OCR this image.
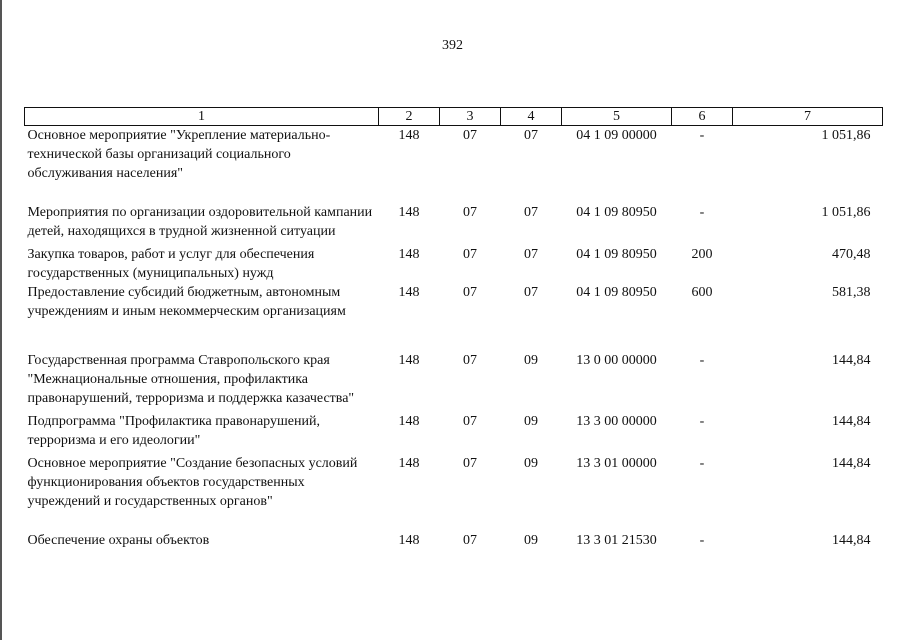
392
1	2	3	4	5	6	7
Основное мероприятие "Укрепление материально-технической базы организаций социального обслуживания населения"	148	07	07	04 1 09 00000	-	1 051,86
Мероприятия по организации оздоровительной кампании детей, находящихся в трудной жизненной ситуации	148	07	07	04 1 09 80950	-	1 051,86
Закупка товаров, работ и услуг для обеспечения государственных (муниципальных) нужд	148	07	07	04 1 09 80950	200	470,48
Предоставление субсидий бюджетным, автономным учреждениям и иным некоммерческим организациям	148	07	07	04 1 09 80950	600	581,38
Государственная программа Ставропольского края "Межнациональные отношения, профилактика правонарушений, терроризма и поддержка казачества"	148	07	09	13 0 00 00000	-	144,84
Подпрограмма "Профилактика правонарушений, терроризма и его идеологии"	148	07	09	13 3 00 00000	-	144,84
Основное мероприятие "Создание безопасных условий функционирования объектов государственных учреждений и государственных органов"	148	07	09	13 3 01 00000	-	144,84
Обеспечение охраны объектов	148	07	09	13 3 01 21530	-	144,84
